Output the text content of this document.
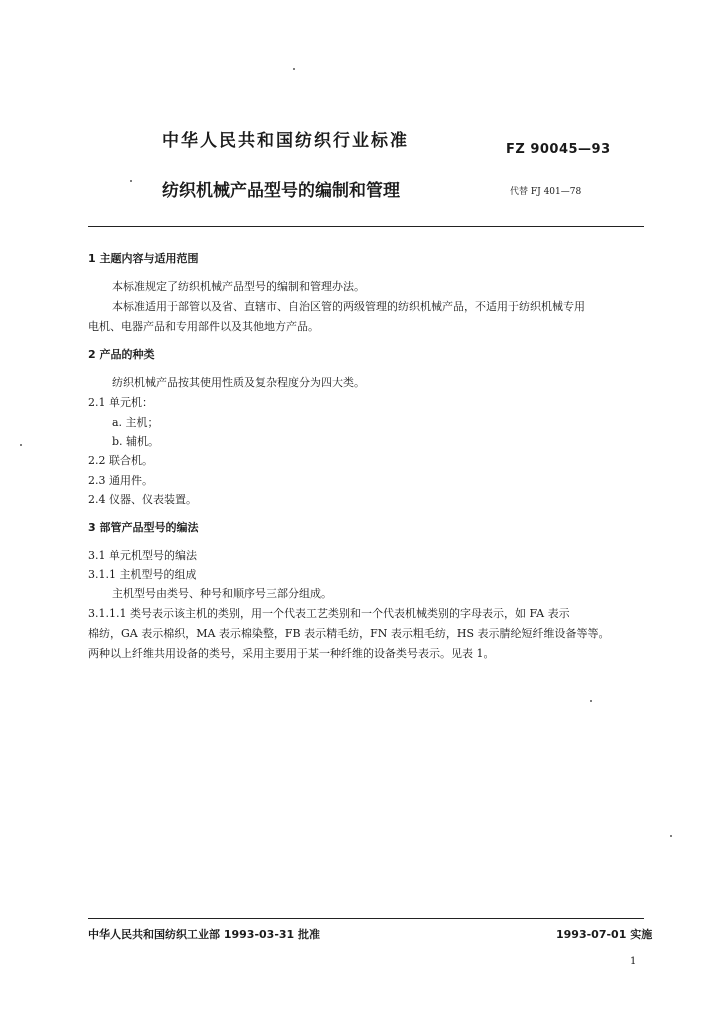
中华人民共和国纺织行业标准	FZ 90045—93
纺织机械产品型号的编制和管理	代替 FJ 401—78
1 主题内容与适用范围
本标准规定了纺织机械产品型号的编制和管理办法。
本标准适用于部管以及省、直辖市、自治区管的两级管理的纺织机械产品，不适用于纺织机械专用
电机、电器产品和专用部件以及其他地方产品。
2 产品的种类
纺织机械产品按其使用性质及复杂程度分为四大类。
2.1 单元机：
a. 主机；
b. 辅机。
2.2 联合机。
2.3 通用件。
2.4 仪器、仪表装置。
3 部管产品型号的编法
3.1 单元机型号的编法
3.1.1 主机型号的组成
主机型号由类号、种号和顺序号三部分组成。
3.1.1.1 类号表示该主机的类别，用一个代表工艺类别和一个代表机械类别的字母表示，如 FA 表示
棉纺，GA 表示棉织，MA 表示棉染整，FB 表示精毛纺，FN 表示粗毛纺，HS 表示腈纶短纤维设备等等。
两种以上纤维共用设备的类号，采用主要用于某一种纤维的设备类号表示。见表 1。
中华人民共和国纺织工业部 1993-03-31 批准	1993-07-01 实施
1
